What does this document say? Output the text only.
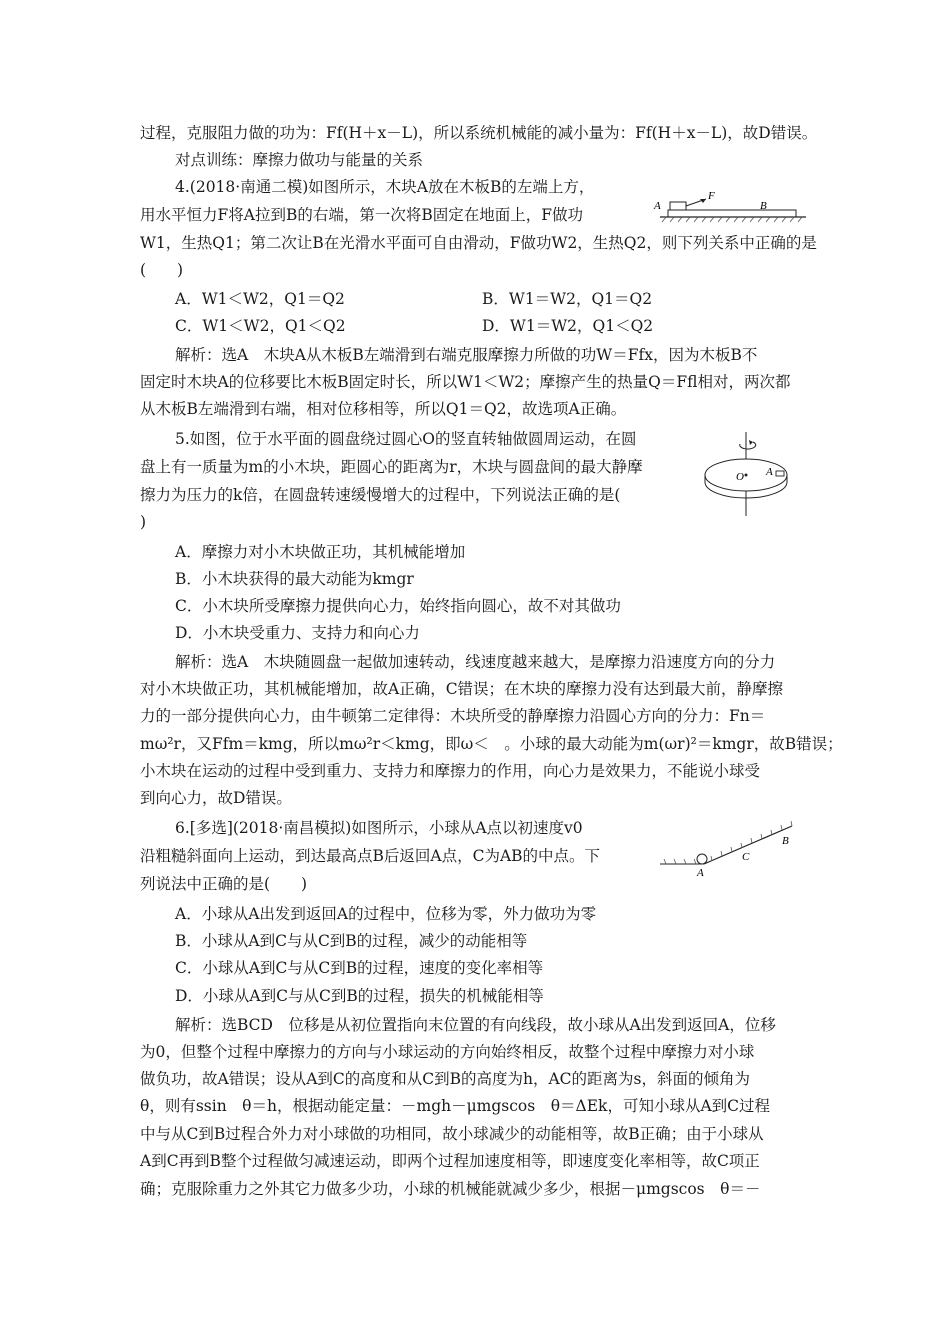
过程，克服阻力做的功为：Ff(H＋x－L)，所以系统机械能的减小量为：Ff(H＋x－L)，故D错误。
对点训练：摩擦力做功与能量的关系
4.(2018·南通二模)如图所示，木块A放在木板B的左端上方，
用水平恒力F将A拉到B的右端，第一次将B固定在地面上，F做功
W1，生热Q1；第二次让B在光滑水平面可自由滑动，F做功W2，生热Q2，则下列关系中正确的是
(　　)
A．W1＜W2，Q1＝Q2	B．W1＝W2，Q1＝Q2
C．W1＜W2，Q1＜Q2	D．W1＝W2，Q1＜Q2
解析：选A　木块A从木板B左端滑到右端克服摩擦力所做的功W＝Ffx，因为木板B不
固定时木块A的位移要比木板B固定时长，所以W1＜W2；摩擦产生的热量Q＝Ffl相对，两次都
从木板B左端滑到右端，相对位移相等，所以Q1＝Q2，故选项A正确。
5.如图，位于水平面的圆盘绕过圆心O的竖直转轴做圆周运动，在圆
盘上有一质量为m的小木块，距圆心的距离为r，木块与圆盘间的最大静摩
擦力为压力的k倍，在圆盘转速缓慢增大的过程中，下列说法正确的是(
)
A．摩擦力对小木块做正功，其机械能增加
B．小木块获得的最大动能为kmgr
C．小木块所受摩擦力提供向心力，始终指向圆心，故不对其做功
D．小木块受重力、支持力和向心力
解析：选A　木块随圆盘一起做加速转动，线速度越来越大，是摩擦力沿速度方向的分力
对小木块做正功，其机械能增加，故A正确，C错误；在木块的摩擦力没有达到最大前，静摩擦
力的一部分提供向心力，由牛顿第二定律得：木块所受的静摩擦力沿圆心方向的分力：Fn＝
mω²r，又Ffm＝kmg，所以mω²r＜kmg，即ω＜　。小球的最大动能为m(ωr)²＝kmgr，故B错误；
小木块在运动的过程中受到重力、支持力和摩擦力的作用，向心力是效果力，不能说小球受
到向心力，故D错误。
6.[多选](2018·南昌模拟)如图所示，小球从A点以初速度v0
沿粗糙斜面向上运动，到达最高点B后返回A点，C为AB的中点。下
列说法中正确的是(　　)
A．小球从A出发到返回A的过程中，位移为零，外力做功为零
B．小球从A到C与从C到B的过程，减少的动能相等
C．小球从A到C与从C到B的过程，速度的变化率相等
D．小球从A到C与从C到B的过程，损失的机械能相等
解析：选BCD　位移是从初位置指向末位置的有向线段，故小球从A出发到返回A，位移
为0，但整个过程中摩擦力的方向与小球运动的方向始终相反，故整个过程中摩擦力对小球
做负功，故A错误；设从A到C的高度和从C到B的高度为h，AC的距离为s，斜面的倾角为
θ，则有ssin　θ＝h，根据动能定量：－mgh－μmgscos　θ＝ΔEk，可知小球从A到C过程
中与从C到B过程合外力对小球做的功相同，故小球减少的动能相等，故B正确；由于小球从
A到C再到B整个过程做匀减速运动，即两个过程加速度相等，即速度变化率相等，故C项正
确；克服除重力之外其它力做多少功，小球的机械能就减少多少，根据－μmgscos　θ＝－
A
F
B
O A
A
C
B
